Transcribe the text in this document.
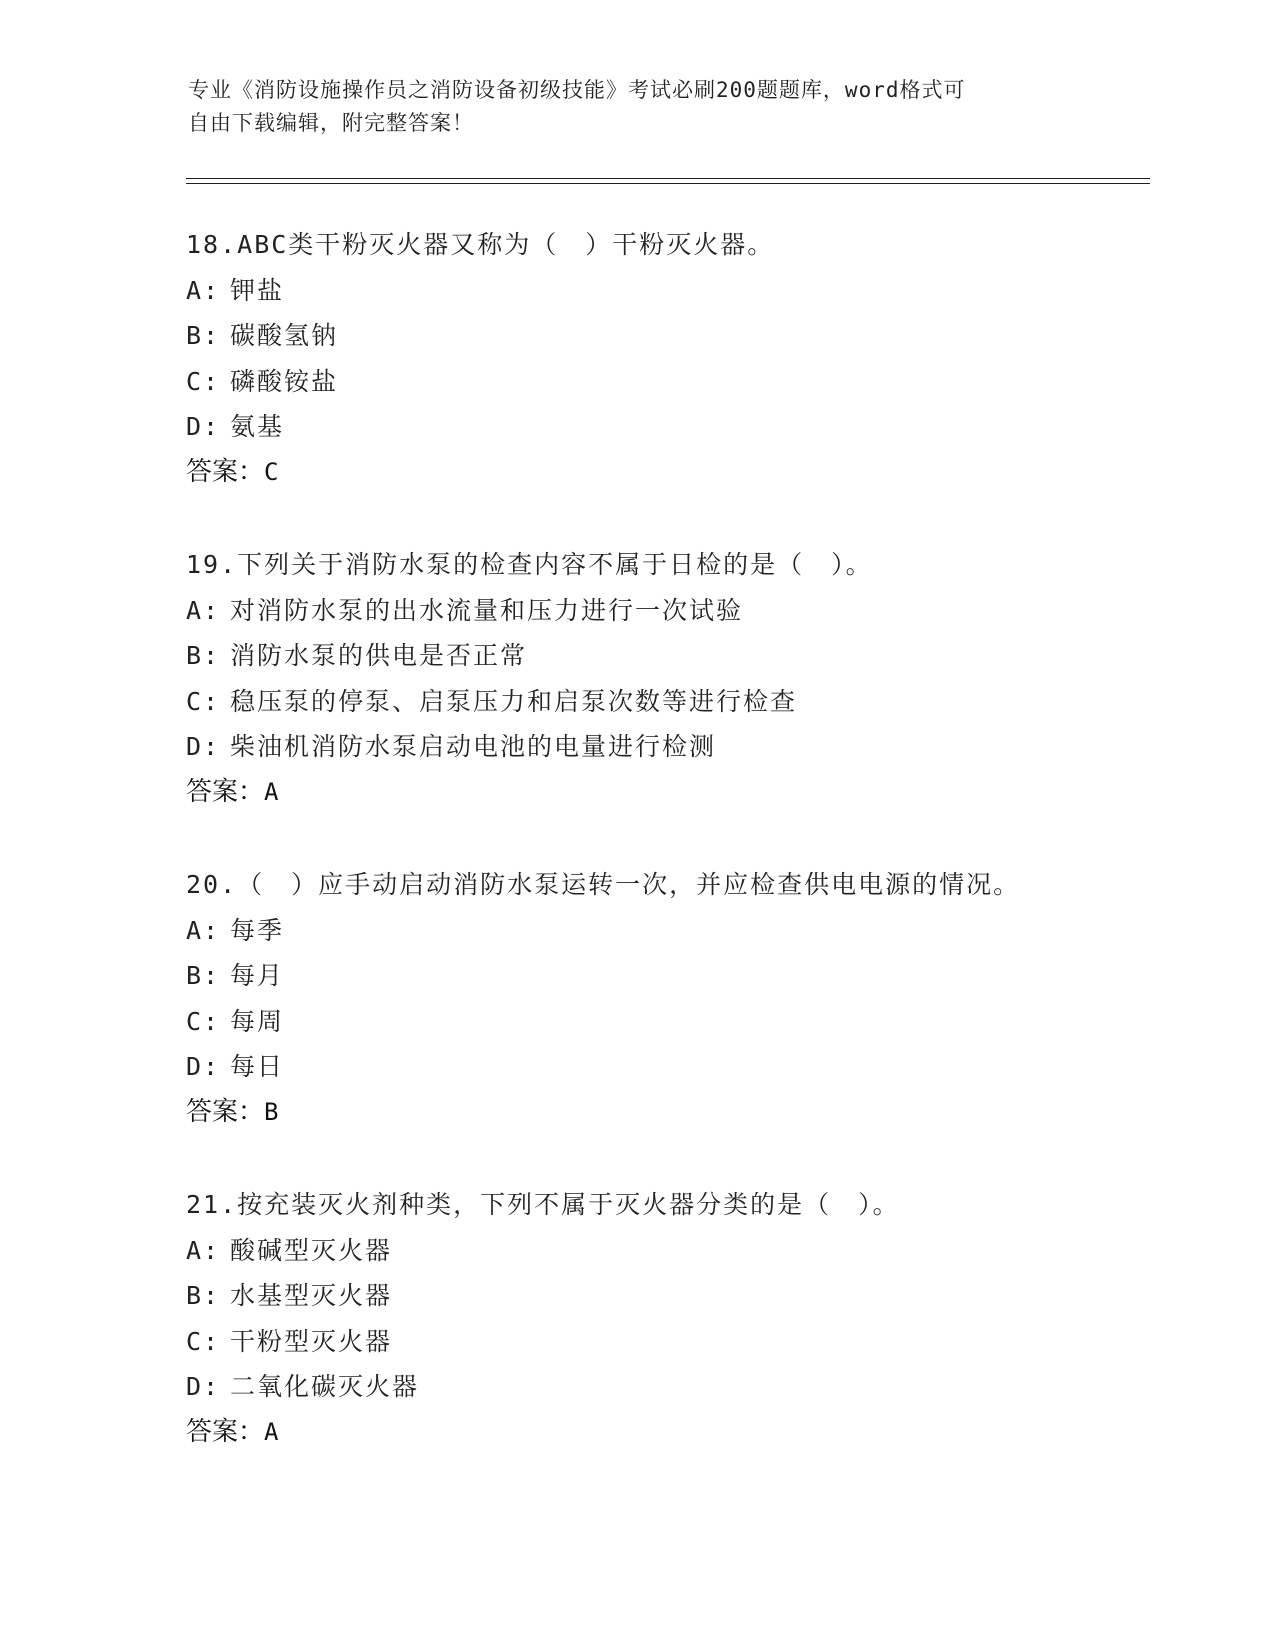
专业《消防设施操作员之消防设备初级技能》考试必刷200题题库，word格式可
自由下载编辑，附完整答案！
18.ABC类干粉灭火器又称为（　）干粉灭火器。
A: 钾盐
B: 碳酸氢钠
C: 磷酸铵盐
D: 氨基
答案：C
19.下列关于消防水泵的检查内容不属于日检的是（　）。
A: 对消防水泵的出水流量和压力进行一次试验
B: 消防水泵的供电是否正常
C: 稳压泵的停泵、启泵压力和启泵次数等进行检查
D: 柴油机消防水泵启动电池的电量进行检测
答案：A
20.（　）应手动启动消防水泵运转一次，并应检查供电电源的情况。
A: 每季
B: 每月
C: 每周
D: 每日
答案：B
21.按充装灭火剂种类，下列不属于灭火器分类的是（　）。
A: 酸碱型灭火器
B: 水基型灭火器
C: 干粉型灭火器
D: 二氧化碳灭火器
答案：A
